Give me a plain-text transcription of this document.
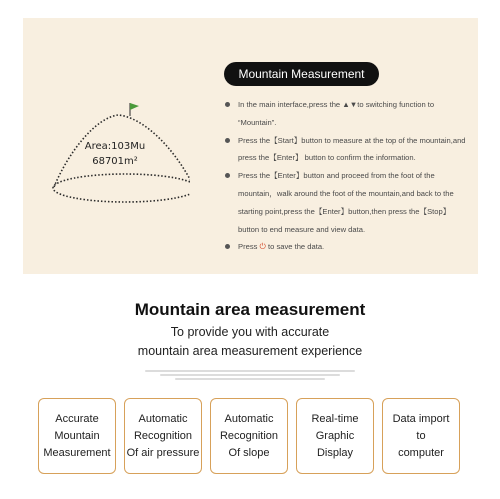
Area:103Mu
68701m²
Mountain Measurement
In the main interface,press the ▲▼to switching function to “Mountain”.
Press the【Start】button to measure at the top of the mountain,and press the【Enter】 button to confirm the information.
Press the【Enter】button and proceed from the foot of the mountain，walk around the foot of the mountain,and back to the starting point,press the【Enter】button,then press the【Stop】button to end measure and view data.
Press ⏻ to save the data.
Mountain area measurement
To provide you with accurate
mountain area measurement experience
Accurate
Mountain
Measurement
Automatic
Recognition
Of air pressure
Automatic
Recognition
Of slope
Real-time
Graphic
Display
Data import
to
computer
